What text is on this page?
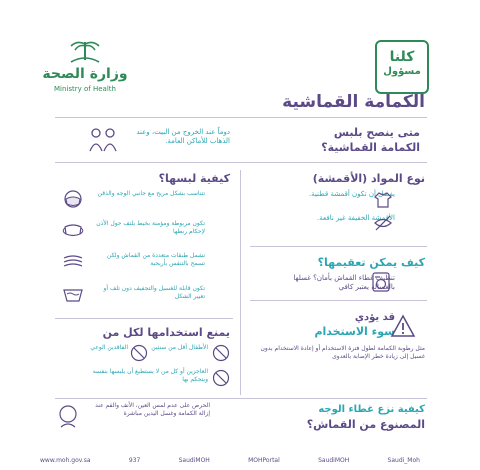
وزارة الصحة
Ministry of Health
كلنا
مسؤول
الكمامة القماشية
متى ينصح بلبس
الكمامة القماشية؟
دوماً عند الخروج من البيت، وعند الذهاب للأماكن العامة.
نوع المواد (الأقمشة)
يفضل أن تكون أقمشة قطنية.
الأقمشة الخفيفة غير نافعة.
كيف يمكن تعقيمها؟
تنظيف غطاء القماش بأمان؟ غسلها بالغسالة يعتبر كافي
قد يؤدي
سوء الاستخدام
مثل رطوبة الكمامة لطول فترة الاستخدام أو إعادة الاستخدام بدون غسيل إلى زيادة خطر الإصابة بالعدوى
كيفية لبسها؟
تتناسب بشكل مريح مع جانبي الوجه والذقن
تكون مربوطة ومؤمنة بخيط يلتف حول الأذن لإحكام ربطها
تشمل طبقات متعددة من القماش ولكن تسمح بالتنفس بأريحية
تكون قابلة للغسيل والتجفيف دون تلف أو تغيير الشكل
يمنع استخدامها لكل من
الأطفال أقل من سنتين
الفاقدين الوعي
العاجزين أو كل من لا يستطيع أن يلبسها بنفسه ويتحكم بها
كيفية نزع غطاء الوجه
المصنوع من القماش؟
الحرص على عدم لمس العين، الأنف والفم عند إزالة الكمامة وغسل اليدين مباشرة
www.moh.gov.sa	937	SaudiMOH	MOHPortal	SaudiMOH	Saudi_Moh
